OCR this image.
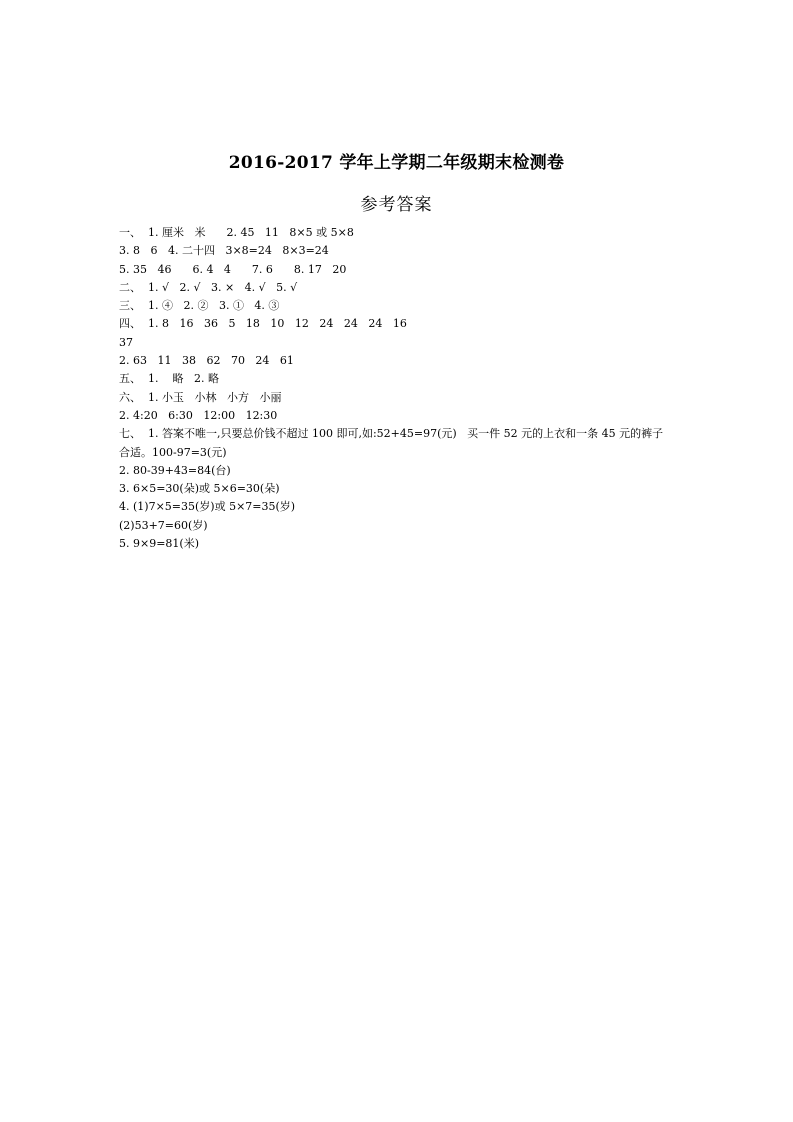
2016-2017 学年上学期二年级期末检测卷
参考答案
一、  1. 厘米   米      2. 45   11   8×5 或 5×8
3. 8   6   4. 二十四   3×8=24   8×3=24
5. 35   46      6. 4   4      7. 6      8. 17   20
二、  1. √   2. √   3. ×   4. √   5. √
三、  1. ④   2. ②   3. ①   4. ③
四、  1. 8   16   36   5   18   10   12   24   24   24   16
37
2. 63   11   38   62   70   24   61
五、  1.    略   2. 略
六、  1. 小玉   小林   小方   小丽
2. 4:20   6:30   12:00   12:30
七、  1. 答案不唯一,只要总价钱不超过 100 即可,如:52+45=97(元)   买一件 52 元的上衣和一条 45 元的裤子
合适。100-97=3(元)
2. 80-39+43=84(台)
3. 6×5=30(朵)或 5×6=30(朵)
4. (1)7×5=35(岁)或 5×7=35(岁)
(2)53+7=60(岁)
5. 9×9=81(米)
